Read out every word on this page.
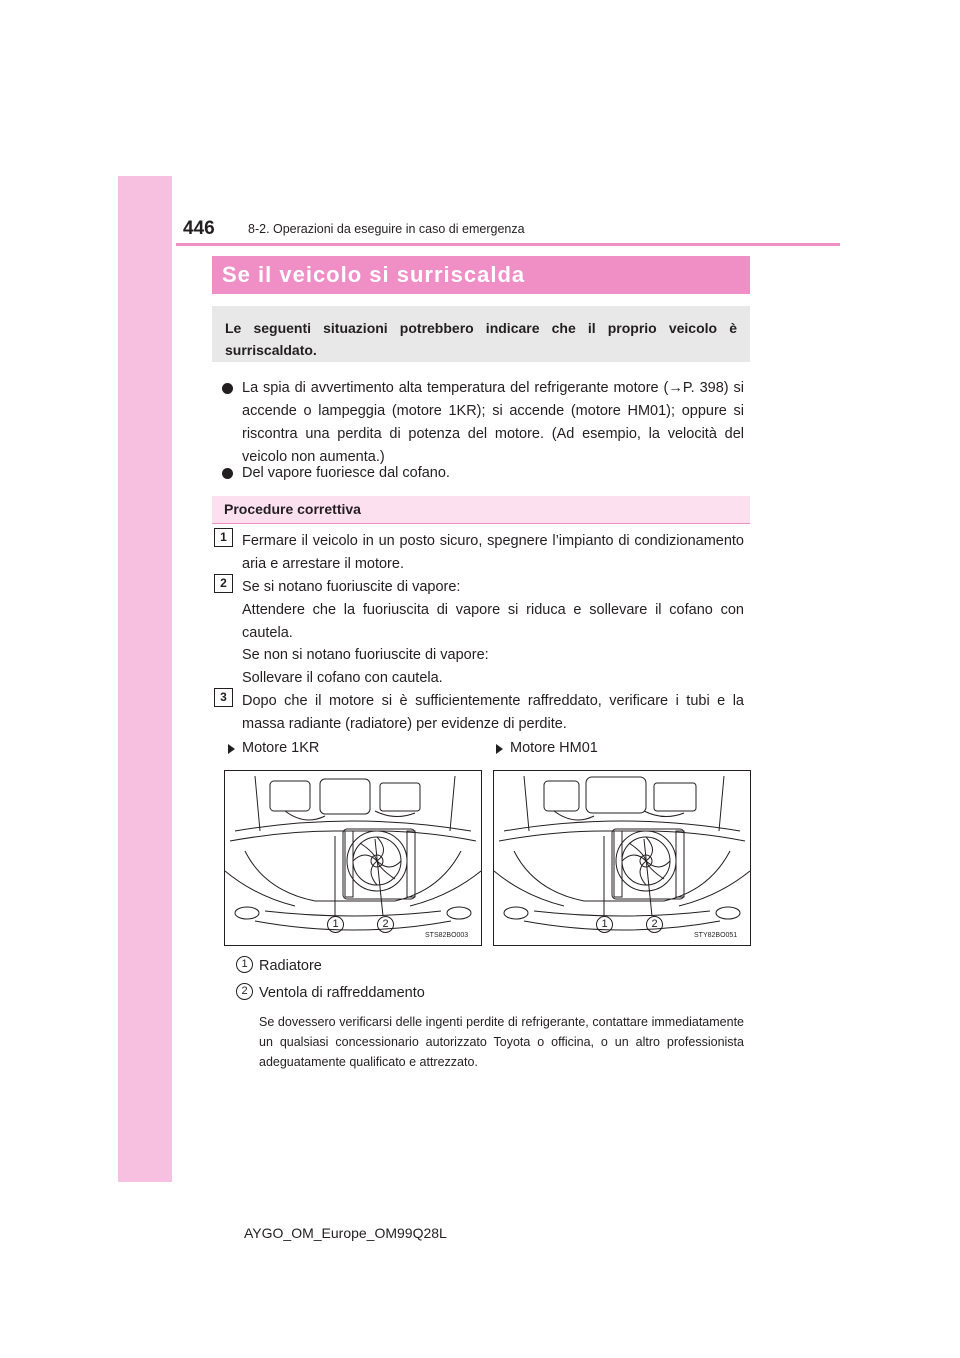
446	8-2. Operazioni da eseguire in caso di emergenza
Se il veicolo si surriscalda
Le seguenti situazioni potrebbero indicare che il proprio veicolo è surriscaldato.
La spia di avvertimento alta temperatura del refrigerante motore (→P. 398) si accende o lampeggia (motore 1KR); si accende (motore HM01); oppure si riscontra una perdita di potenza del motore. (Ad esempio, la velocità del veicolo non aumenta.)
Del vapore fuoriesce dal cofano.
Procedure correttiva
1	Fermare il veicolo in un posto sicuro, spegnere l’impianto di condizionamento aria e arrestare il motore.
2	Se si notano fuoriuscite di vapore:
Attendere che la fuoriuscita di vapore si riduca e sollevare il cofano con cautela.
Se non si notano fuoriuscite di vapore:
Sollevare il cofano con cautela.
3	Dopo che il motore si è sufficientemente raffreddato, verificare i tubi e la massa radiante (radiatore) per evidenze di perdite.
Motore 1KR	Motore HM01
1	2
STS82BO003
1	2
STY82BO051
1 Radiatore
2 Ventola di raffreddamento
Se dovessero verificarsi delle ingenti perdite di refrigerante, contattare immediatamente un qualsiasi concessionario autorizzato Toyota o officina, o un altro professionista adeguatamente qualificato e attrezzato.
AYGO_OM_Europe_OM99Q28L
